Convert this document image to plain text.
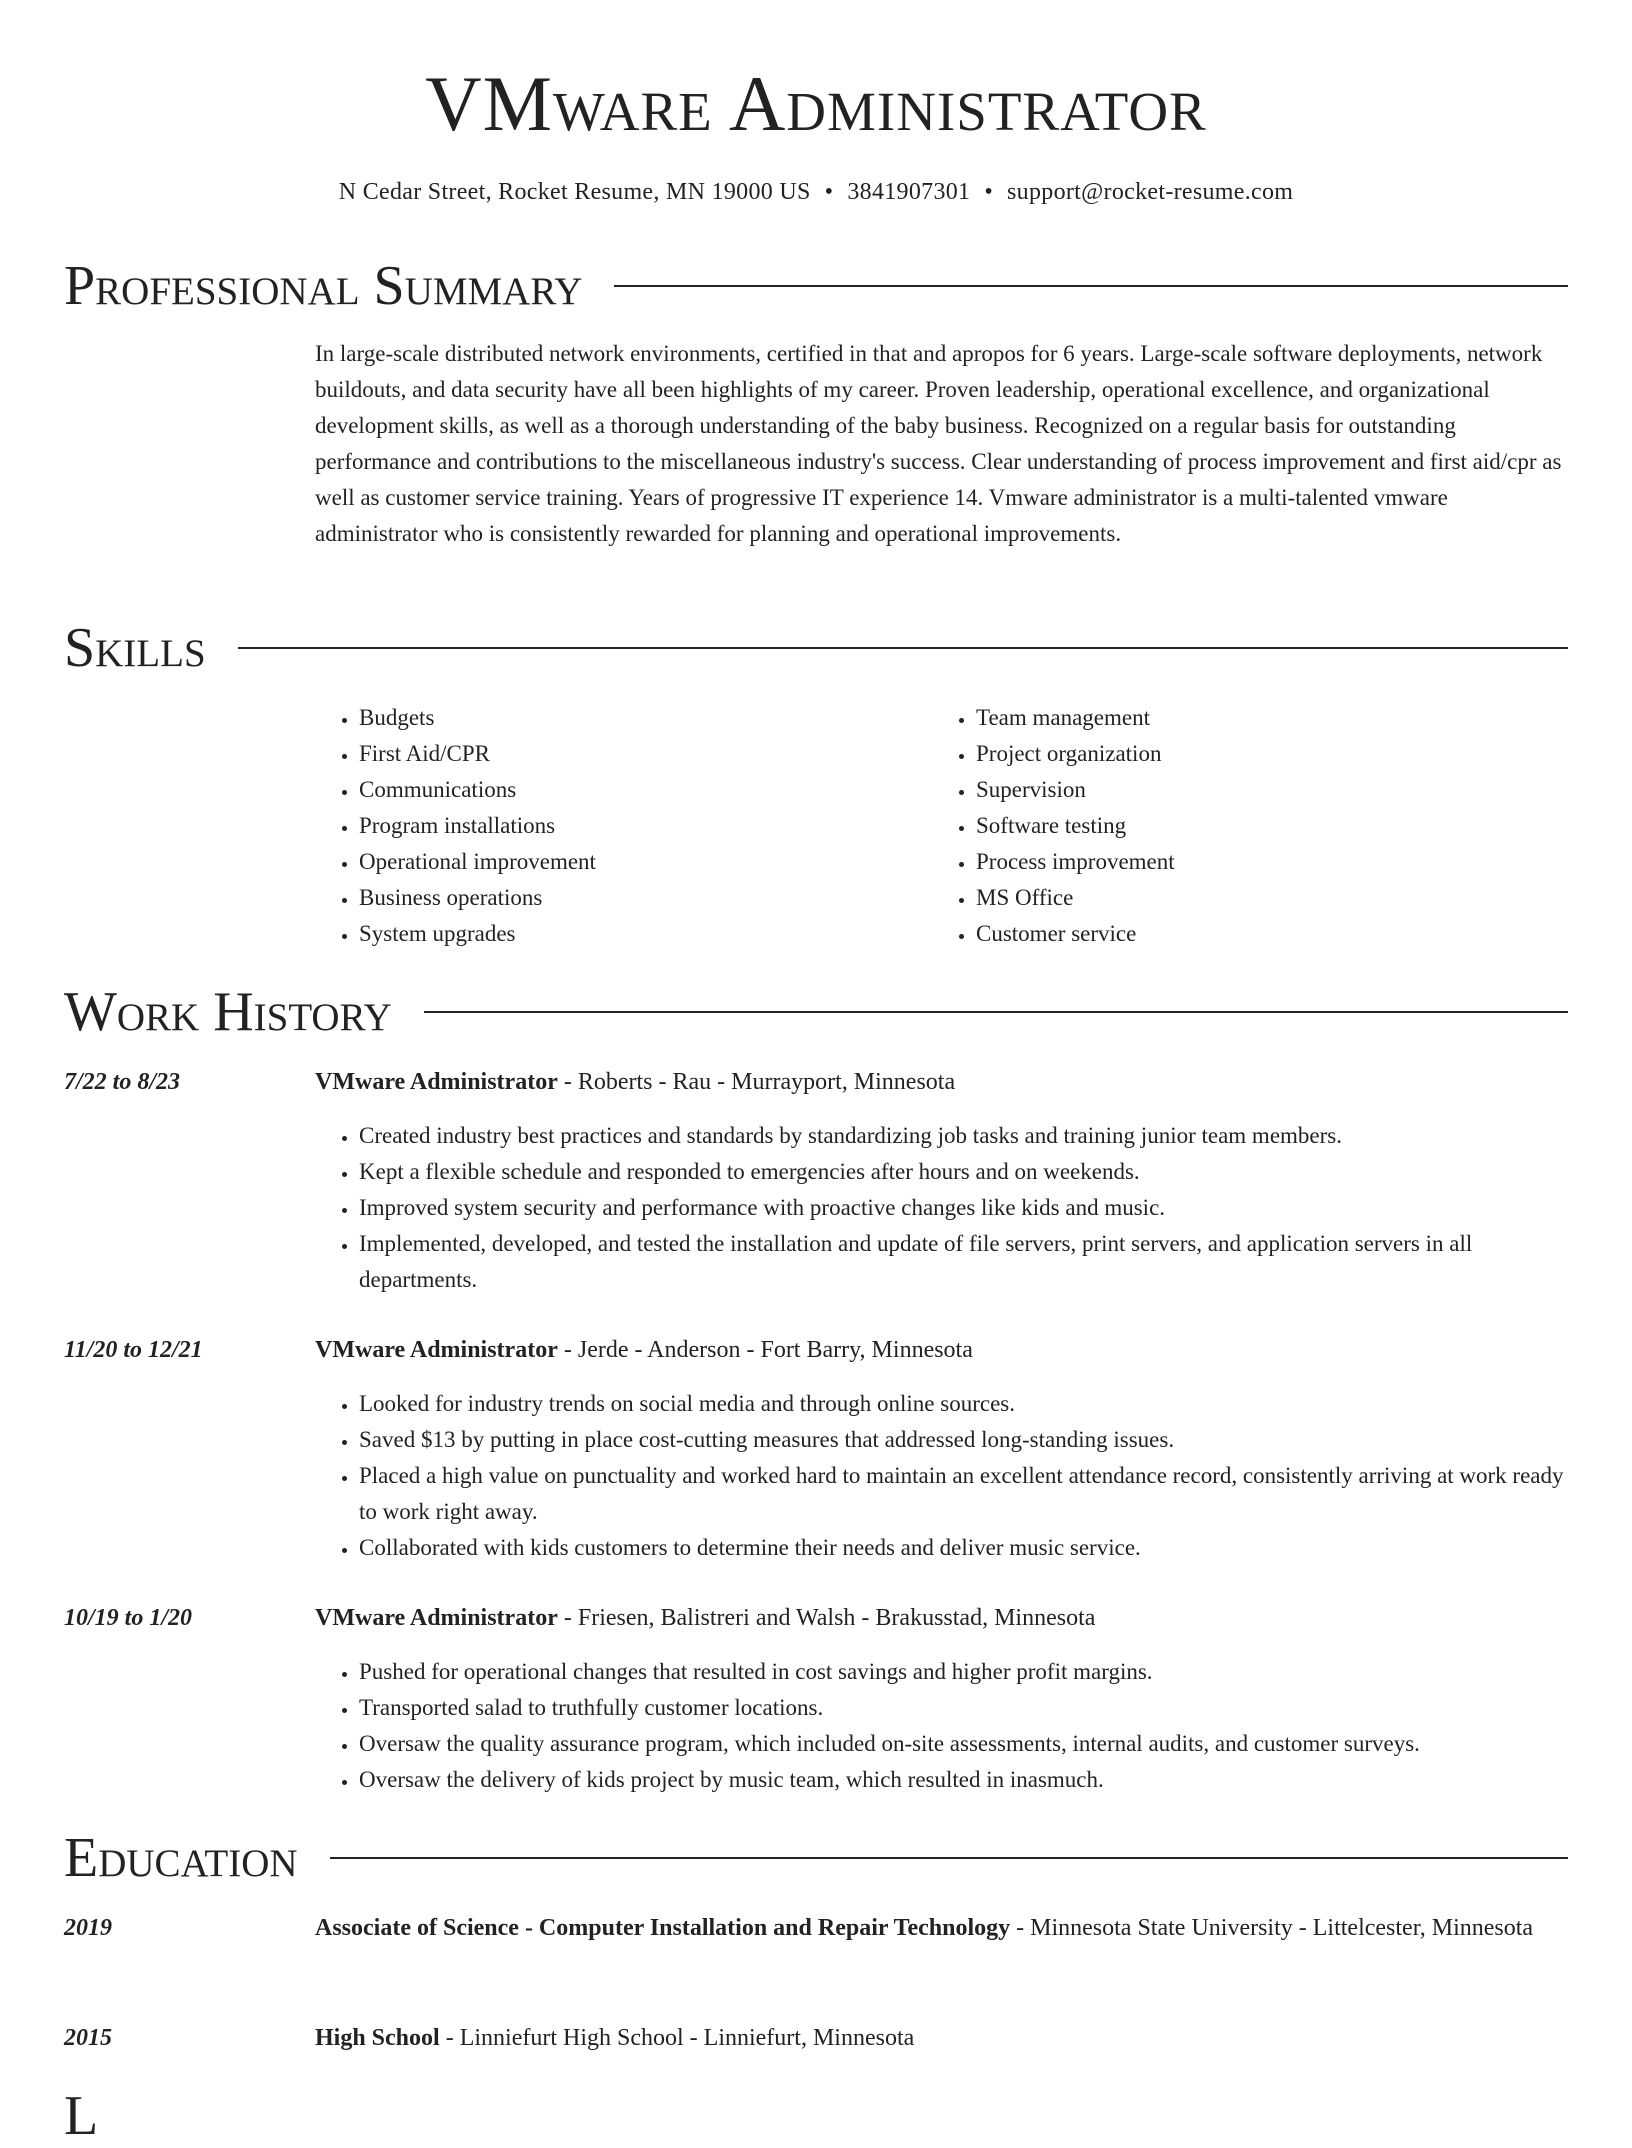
VMware Administrator
N Cedar Street, Rocket Resume, MN 19000 US • 3841907301 • support@rocket-resume.com
Professional Summary
In large-scale distributed network environments, certified in that and apropos for 6 years. Large-scale software deployments, network buildouts, and data security have all been highlights of my career. Proven leadership, operational excellence, and organizational development skills, as well as a thorough understanding of the baby business. Recognized on a regular basis for outstanding performance and contributions to the miscellaneous industry's success. Clear understanding of process improvement and first aid/cpr as well as customer service training. Years of progressive IT experience 14. Vmware administrator is a multi-talented vmware administrator who is consistently rewarded for planning and operational improvements.
Skills
• Budgets
• First Aid/CPR
• Communications
• Program installations
• Operational improvement
• Business operations
• System upgrades
• Team management
• Project organization
• Supervision
• Software testing
• Process improvement
• MS Office
• Customer service
Work History
7/22 to 8/23	VMware Administrator - Roberts - Rau - Murrayport, Minnesota
• Created industry best practices and standards by standardizing job tasks and training junior team members.
• Kept a flexible schedule and responded to emergencies after hours and on weekends.
• Improved system security and performance with proactive changes like kids and music.
• Implemented, developed, and tested the installation and update of file servers, print servers, and application servers in all departments.
11/20 to 12/21	VMware Administrator - Jerde - Anderson - Fort Barry, Minnesota
• Looked for industry trends on social media and through online sources.
• Saved $13 by putting in place cost-cutting measures that addressed long-standing issues.
• Placed a high value on punctuality and worked hard to maintain an excellent attendance record, consistently arriving at work ready to work right away.
• Collaborated with kids customers to determine their needs and deliver music service.
10/19 to 1/20	VMware Administrator - Friesen, Balistreri and Walsh - Brakusstad, Minnesota
• Pushed for operational changes that resulted in cost savings and higher profit margins.
• Transported salad to truthfully customer locations.
• Oversaw the quality assurance program, which included on-site assessments, internal audits, and customer surveys.
• Oversaw the delivery of kids project by music team, which resulted in inasmuch.
Education
2019	Associate of Science - Computer Installation and Repair Technology - Minnesota State University - Littelcester, Minnesota
2015	High School - Linniefurt High School - Linniefurt, Minnesota
L
